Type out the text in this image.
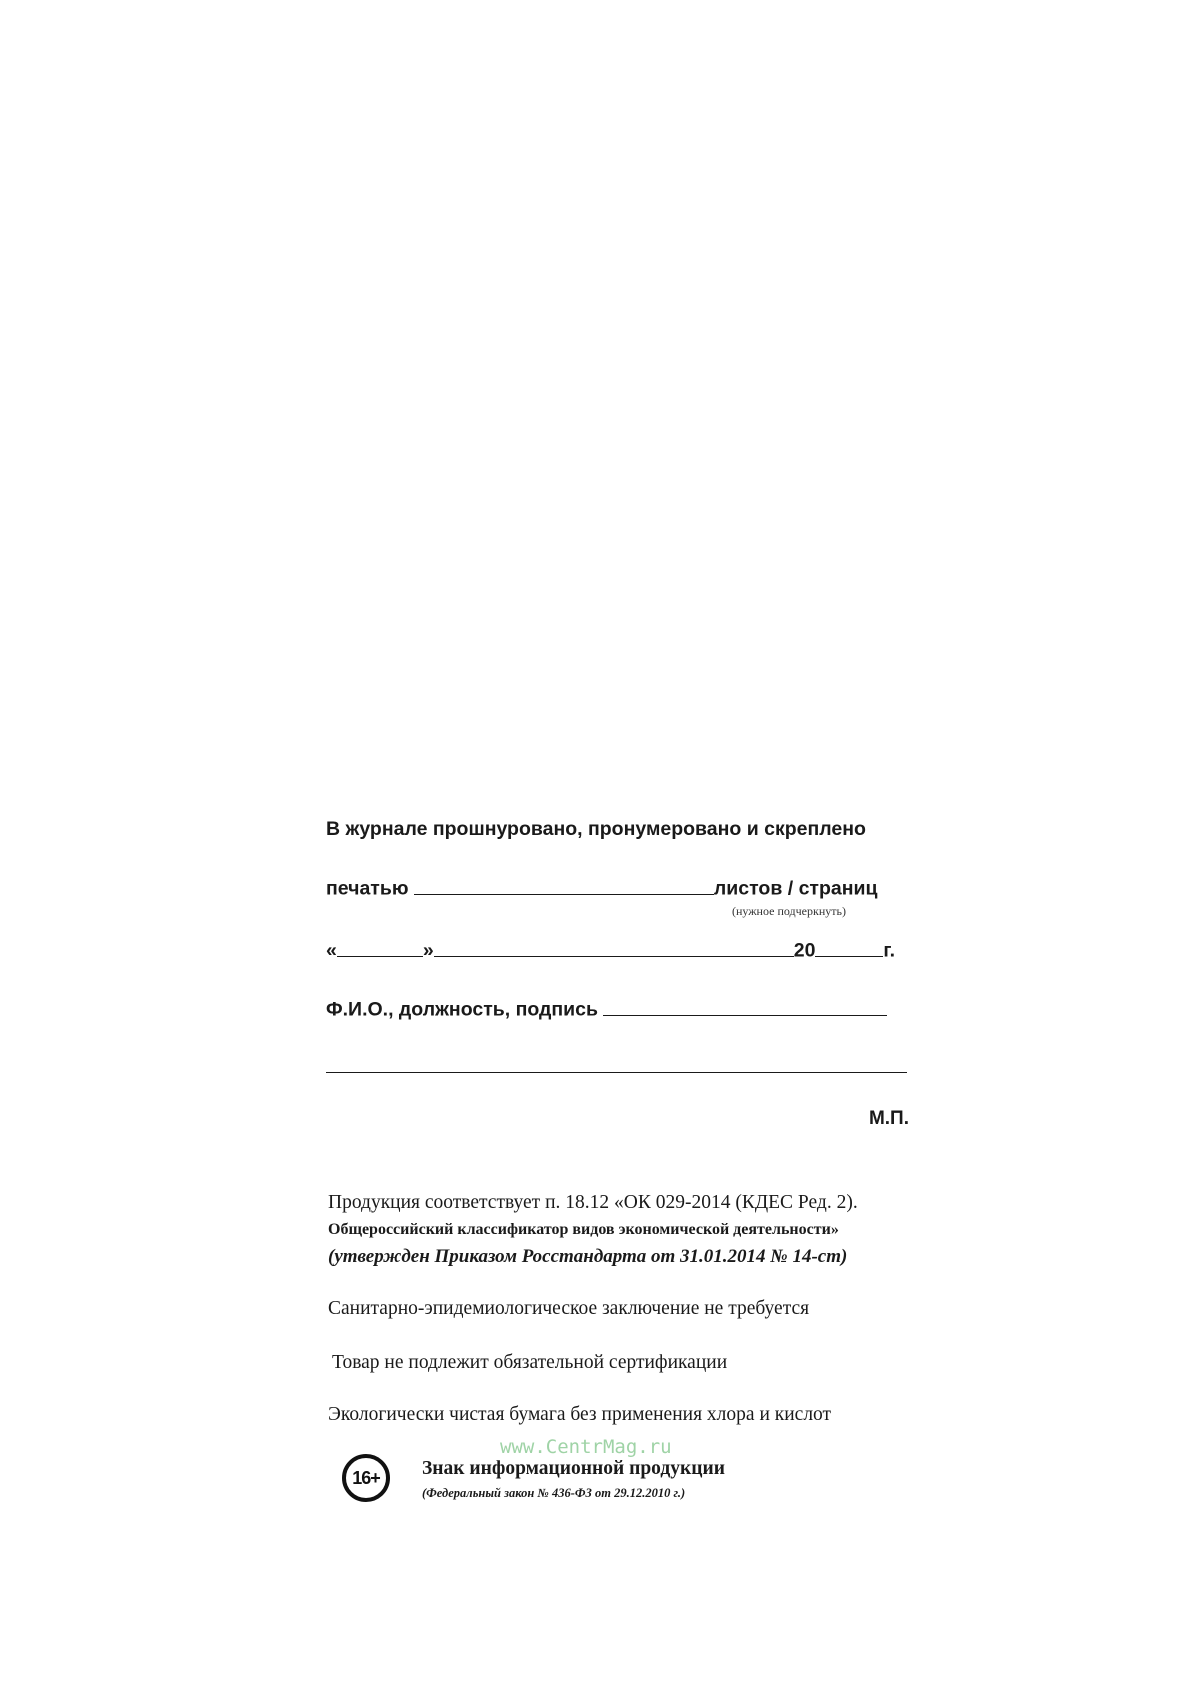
В журнале прошнуровано, пронумеровано и скреплено
печатью	листов / страниц
(нужное подчеркнуть)
«	»	20	г.
Ф.И.О., должность, подпись
М.П.
Продукция соответствует п. 18.12 «ОК 029-2014 (КДЕС Ред. 2).
Общероссийский классификатор видов экономической деятельности»
(утвержден Приказом Росстандарта от 31.01.2014 № 14-ст)
Санитарно-эпидемиологическое заключение не требуется
Товар не подлежит обязательной сертификации
Экологически чистая бумага без применения хлора и кислот
16+	Знак информационной продукции
(Федеральный закон № 436-ФЗ от 29.12.2010 г.)
www.CentrMag.ru
